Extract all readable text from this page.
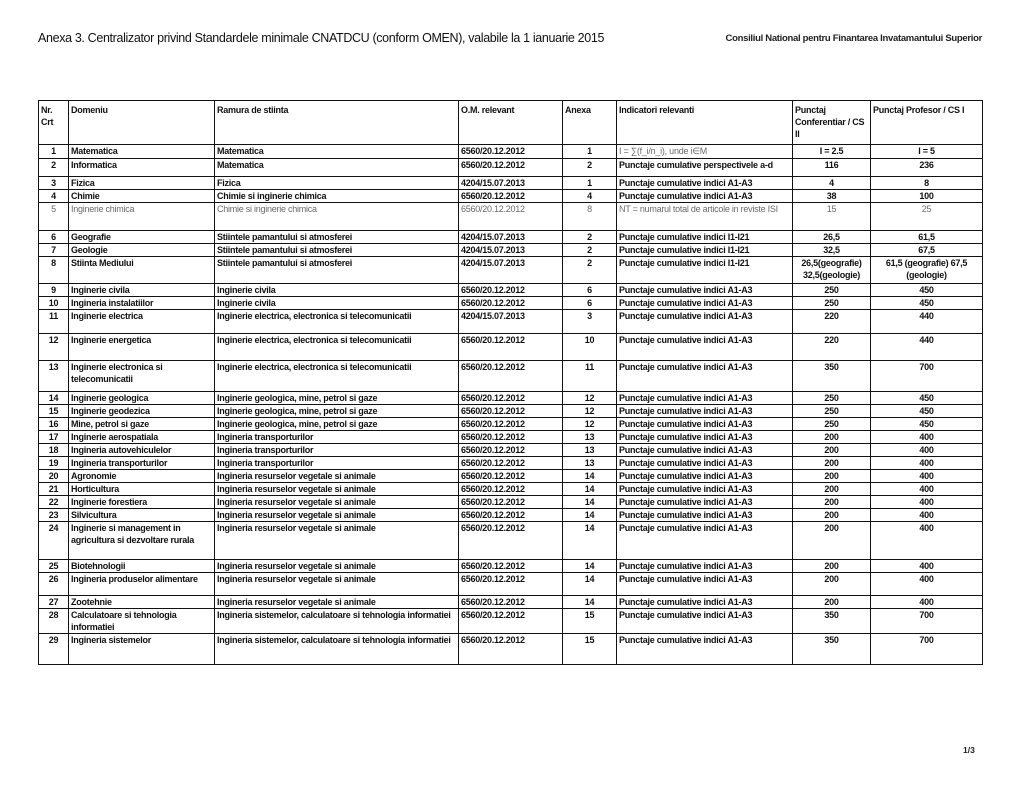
Anexa 3. Centralizator privind Standardele minimale CNATDCU (conform OMEN), valabile la 1 ianuarie 2015	Consiliul National pentru Finantarea Invatamantului Superior
Nr. Crt	Domeniu	Ramura de stiinta	O.M. relevant	Anexa	Indicatori relevanti	Punctaj Conferentiar / CS II	Punctaj Profesor / CS I
1	Matematica	Matematica	6560/20.12.2012	1	I = ∑(f_i/n_i), unde i∈M	I = 2.5	I = 5
2	Informatica	Matematica	6560/20.12.2012	2	Punctaje cumulative perspectivele a-d	116	236
3	Fizica	Fizica	4204/15.07.2013	1	Punctaje cumulative indici A1-A3	4	8
4	Chimie	Chimie si inginerie chimica	6560/20.12.2012	4	Punctaje cumulative indici A1-A3	38	100
5	Inginerie chimica	Chimie si inginerie chimica	6560/20.12.2012	8	NT = numarul total de articole in reviste ISI	15	25
6	Geografie	Stiintele pamantului si atmosferei	4204/15.07.2013	2	Punctaje cumulative indici I1-I21	26,5	61,5
7	Geologie	Stiintele pamantului si atmosferei	4204/15.07.2013	2	Punctaje cumulative indici I1-I21	32,5	67,5
8	Stiinta Mediului	Stiintele pamantului si atmosferei	4204/15.07.2013	2	Punctaje cumulative indici I1-I21	26,5(geografie) 32,5(geologie)	61,5 (geografie) 67,5 (geologie)
9	Inginerie civila	Inginerie civila	6560/20.12.2012	6	Punctaje cumulative indici A1-A3	250	450
10	Ingineria instalatiilor	Inginerie civila	6560/20.12.2012	6	Punctaje cumulative indici A1-A3	250	450
11	Inginerie electrica	Inginerie electrica, electronica si telecomunicatii	4204/15.07.2013	3	Punctaje cumulative indici A1-A3	220	440
12	Inginerie energetica	Inginerie electrica, electronica si telecomunicatii	6560/20.12.2012	10	Punctaje cumulative indici A1-A3	220	440
13	Inginerie electronica si telecomunicatii	Inginerie electrica, electronica si telecomunicatii	6560/20.12.2012	11	Punctaje cumulative indici A1-A3	350	700
14	Inginerie geologica	Inginerie geologica, mine, petrol si gaze	6560/20.12.2012	12	Punctaje cumulative indici A1-A3	250	450
15	Inginerie geodezica	Inginerie geologica, mine, petrol si gaze	6560/20.12.2012	12	Punctaje cumulative indici A1-A3	250	450
16	Mine, petrol si gaze	Inginerie geologica, mine, petrol si gaze	6560/20.12.2012	12	Punctaje cumulative indici A1-A3	250	450
17	Inginerie aerospatiala	Ingineria transporturilor	6560/20.12.2012	13	Punctaje cumulative indici A1-A3	200	400
18	Ingineria autovehiculelor	Ingineria transporturilor	6560/20.12.2012	13	Punctaje cumulative indici A1-A3	200	400
19	Ingineria transporturilor	Ingineria transporturilor	6560/20.12.2012	13	Punctaje cumulative indici A1-A3	200	400
20	Agronomie	Ingineria resurselor vegetale si animale	6560/20.12.2012	14	Punctaje cumulative indici A1-A3	200	400
21	Horticultura	Ingineria resurselor vegetale si animale	6560/20.12.2012	14	Punctaje cumulative indici A1-A3	200	400
22	Inginerie forestiera	Ingineria resurselor vegetale si animale	6560/20.12.2012	14	Punctaje cumulative indici A1-A3	200	400
23	Silvicultura	Ingineria resurselor vegetale si animale	6560/20.12.2012	14	Punctaje cumulative indici A1-A3	200	400
24	Inginerie si management in agricultura si dezvoltare rurala	Ingineria resurselor vegetale si animale	6560/20.12.2012	14	Punctaje cumulative indici A1-A3	200	400
25	Biotehnologii	Ingineria resurselor vegetale si animale	6560/20.12.2012	14	Punctaje cumulative indici A1-A3	200	400
26	Ingineria produselor alimentare	Ingineria resurselor vegetale si animale	6560/20.12.2012	14	Punctaje cumulative indici A1-A3	200	400
27	Zootehnie	Ingineria resurselor vegetale si animale	6560/20.12.2012	14	Punctaje cumulative indici A1-A3	200	400
28	Calculatoare si tehnologia informatiei	Ingineria sistemelor, calculatoare si tehnologia informatiei	6560/20.12.2012	15	Punctaje cumulative indici A1-A3	350	700
29	Ingineria sistemelor	Ingineria sistemelor, calculatoare si tehnologia informatiei	6560/20.12.2012	15	Punctaje cumulative indici A1-A3	350	700
1/3
